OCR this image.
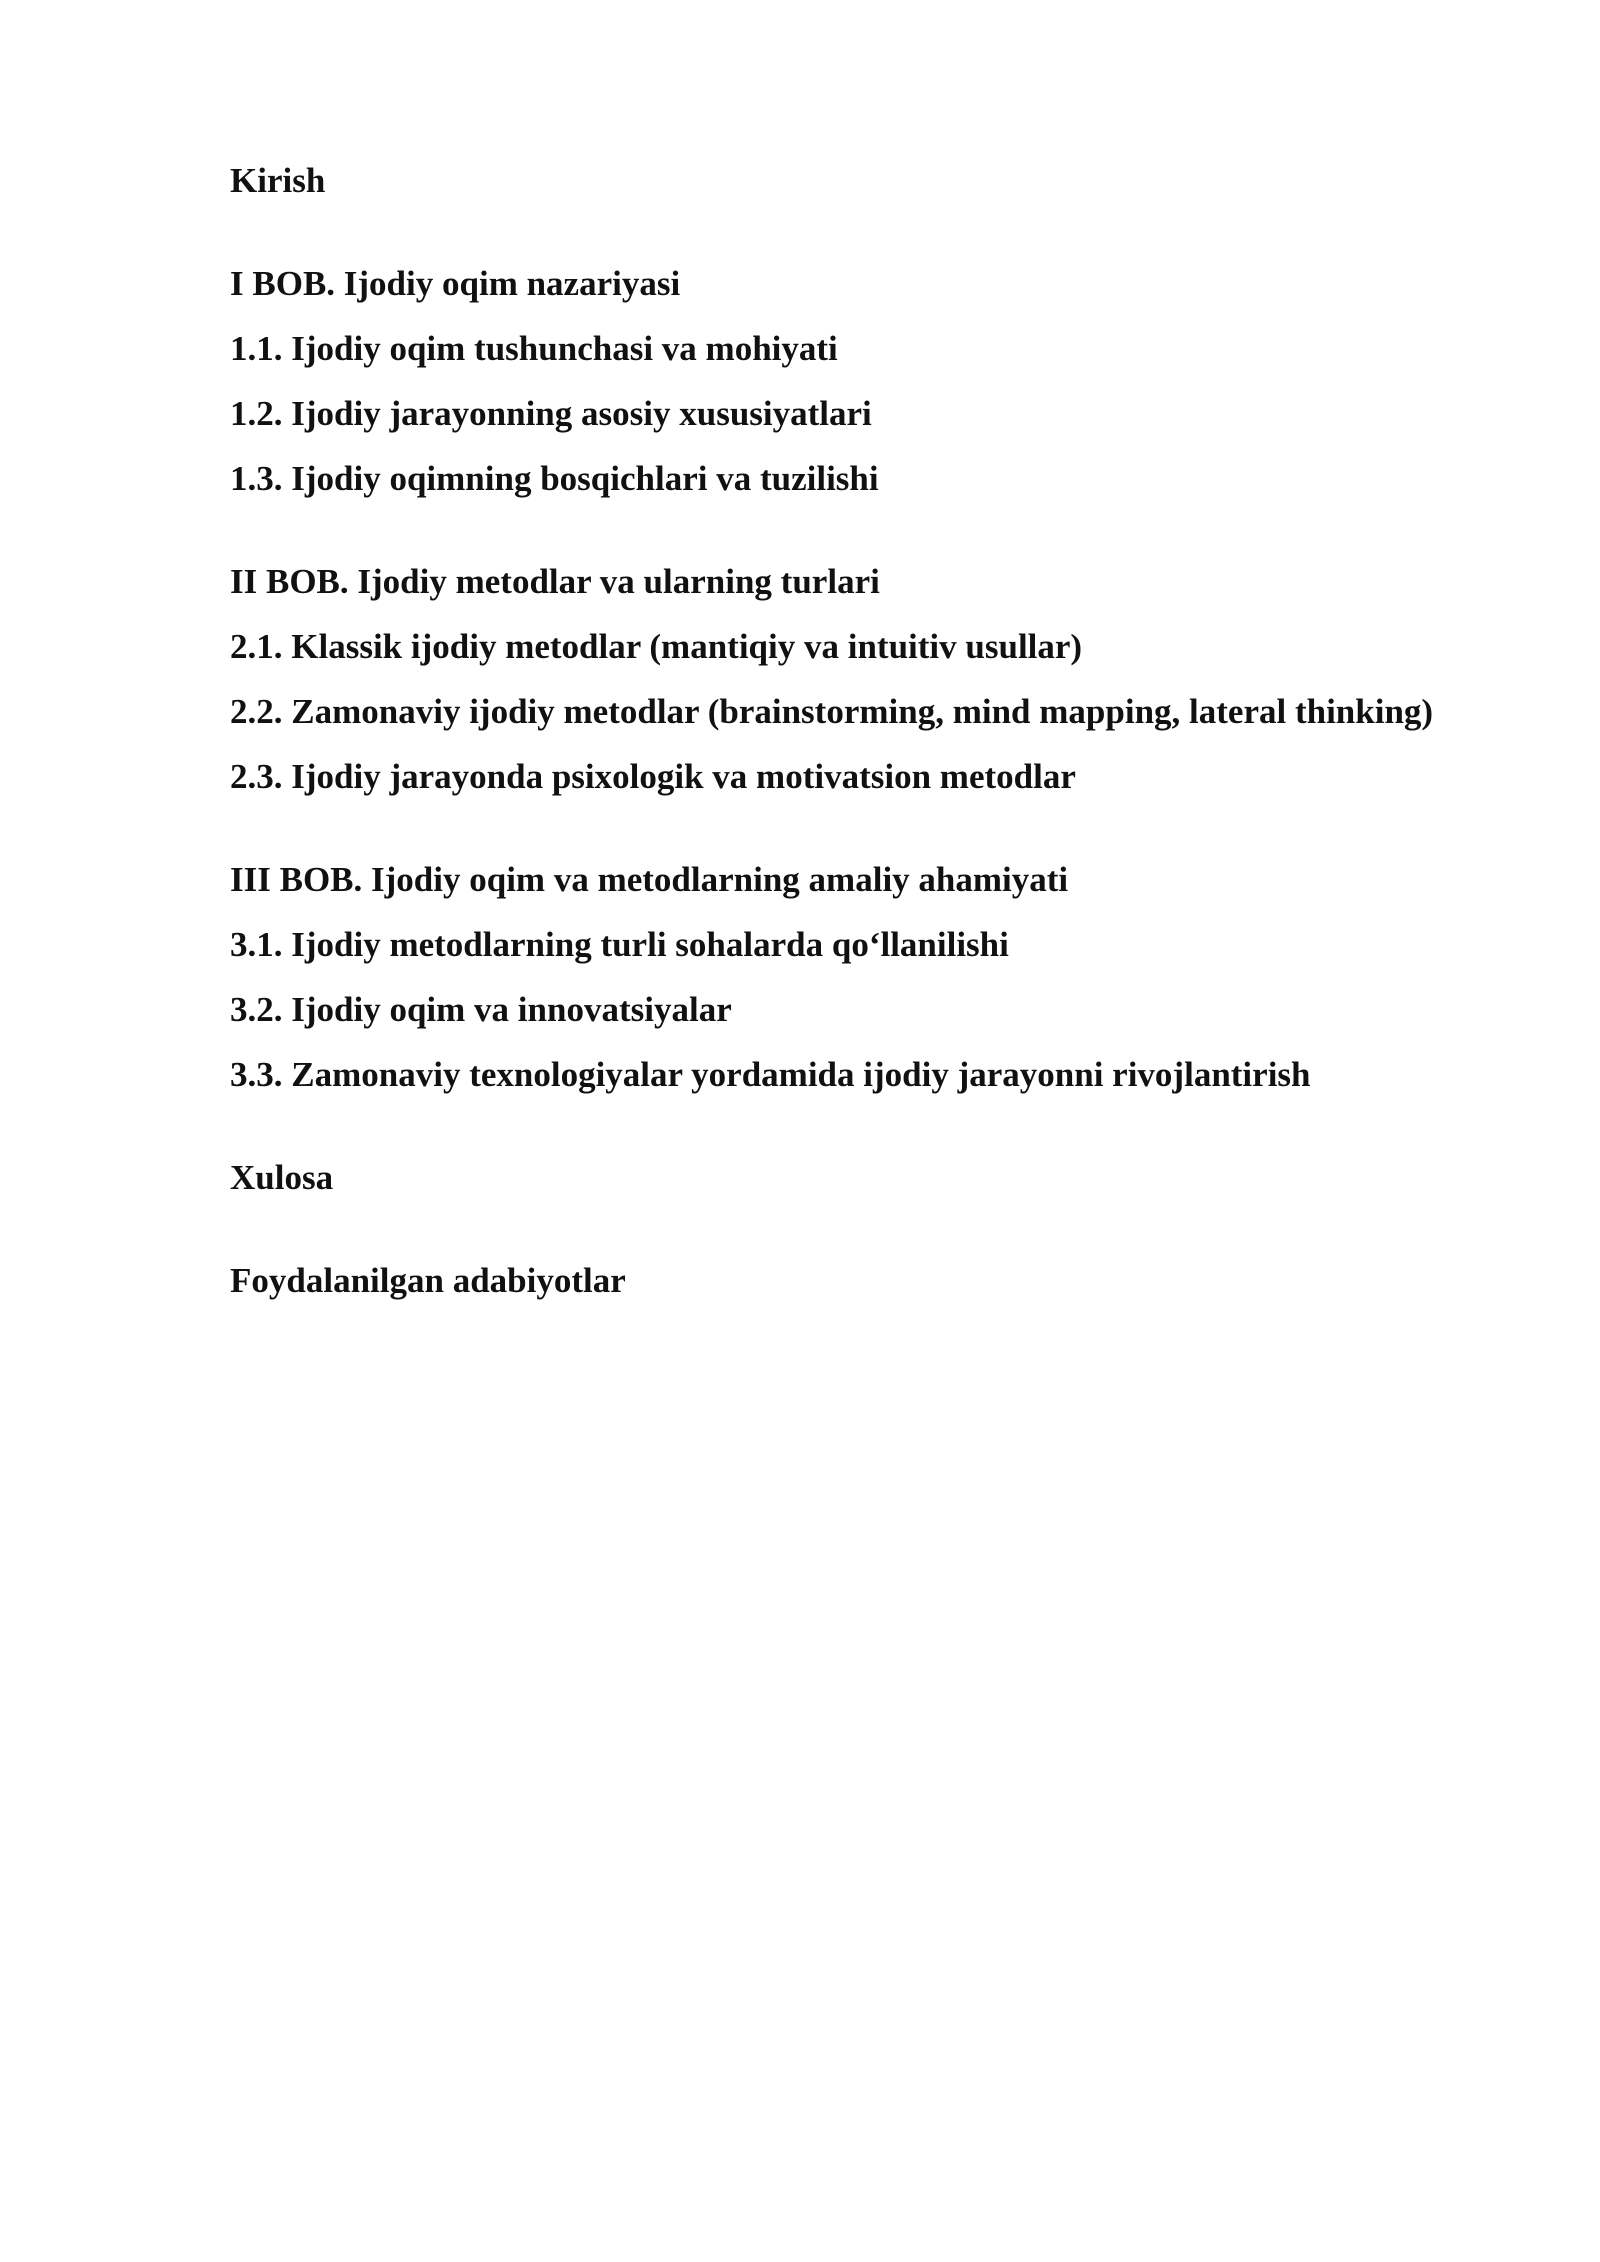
Kirish
I BOB. Ijodiy oqim nazariyasi
1.1. Ijodiy oqim tushunchasi va mohiyati
1.2. Ijodiy jarayonning asosiy xususiyatlari
1.3. Ijodiy oqimning bosqichlari va tuzilishi
II BOB. Ijodiy metodlar va ularning turlari
2.1. Klassik ijodiy metodlar (mantiqiy va intuitiv usullar)
2.2. Zamonaviy ijodiy metodlar (brainstorming, mind mapping, lateral thinking)
2.3. Ijodiy jarayonda psixologik va motivatsion metodlar
III BOB. Ijodiy oqim va metodlarning amaliy ahamiyati
3.1. Ijodiy metodlarning turli sohalarda qo‘llanilishi
3.2. Ijodiy oqim va innovatsiyalar
3.3. Zamonaviy texnologiyalar yordamida ijodiy jarayonni rivojlantirish
Xulosa
Foydalanilgan adabiyotlar
